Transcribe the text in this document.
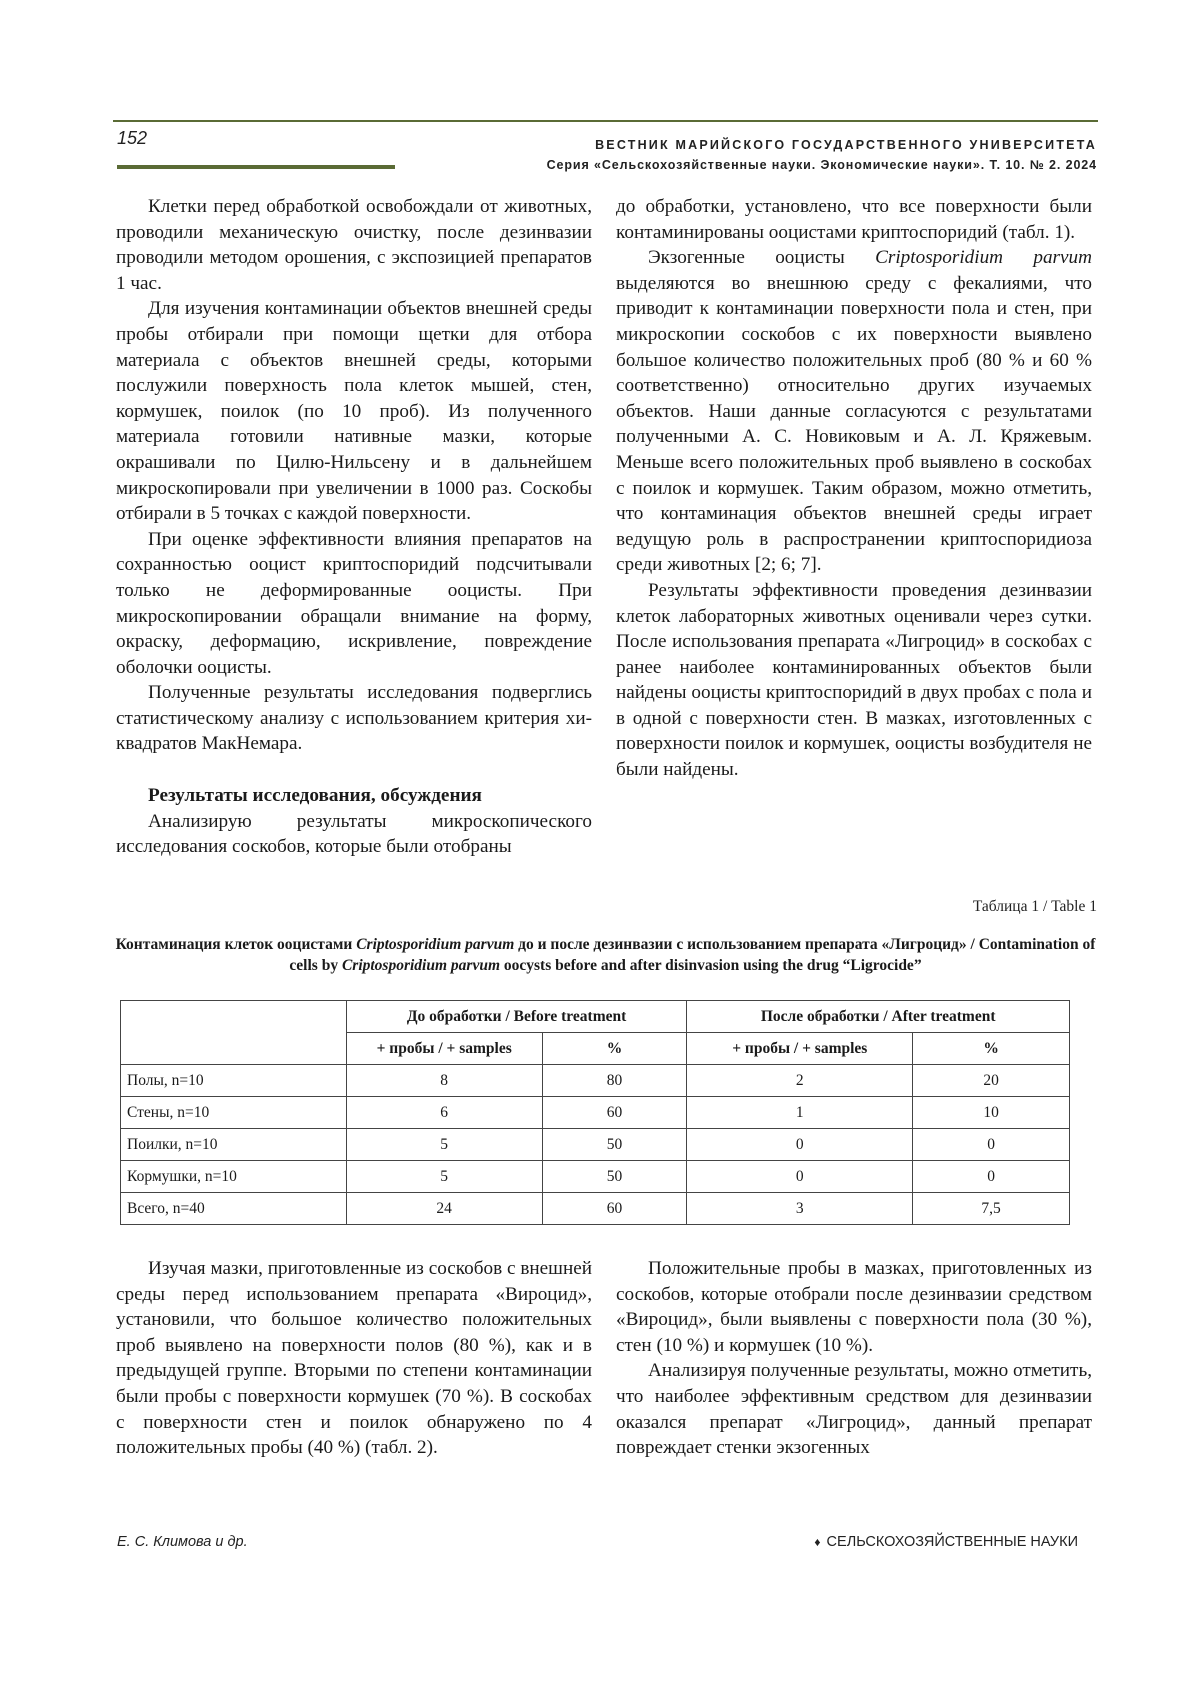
152	ВЕСТНИК МАРИЙСКОГО ГОСУДАРСТВЕННОГО УНИВЕРСИТЕТА
Серия «Сельскохозяйственные науки. Экономические науки». Т. 10. № 2. 2024

Клетки перед обработкой освобождали от животных, проводили механическую очистку, после дезинвазии проводили методом орошения, с экспозицией препаратов 1 час.

Для изучения контаминации объектов внешней среды пробы отбирали при помощи щетки для отбора материала с объектов внешней среды, которыми послужили поверхность пола клеток мышей, стен, кормушек, поилок (по 10 проб). Из полученного материала готовили нативные мазки, которые окрашивали по Цилю-Нильсену и в дальнейшем микроскопировали при увеличении в 1000 раз. Соскобы отбирали в 5 точках с каждой поверхности.

При оценке эффективности влияния препаратов на сохранностью ооцист криптоспоридий подсчитывали только не деформированные ооцисты. При микроскопировании обращали внимание на форму, окраску, деформацию, искривление, повреждение оболочки ооцисты.

Полученные результаты исследования подверглись статистическому анализу с использованием критерия хи-квадратов МакНемара.

Результаты исследования, обсуждения

Анализирую результаты микроскопического исследования соскобов, которые были отобраны

до обработки, установлено, что все поверхности были контаминированы ооцистами криптоспоридий (табл. 1).

Экзогенные ооцисты Criptosporidium parvum выделяются во внешнюю среду с фекалиями, что приводит к контаминации поверхности пола и стен, при микроскопии соскобов с их поверхности выявлено большое количество положительных проб (80 % и 60 % соответственно) относительно других изучаемых объектов. Наши данные согласуются с результатами полученными А. С. Новиковым и А. Л. Кряжевым. Меньше всего положительных проб выявлено в соскобах с поилок и кормушек. Таким образом, можно отметить, что контаминация объектов внешней среды играет ведущую роль в распространении криптоспоридиоза среди животных [2; 6; 7].

Результаты эффективности проведения дезинвазии клеток лабораторных животных оценивали через сутки. После использования препарата «Лигроцид» в соскобах с ранее наиболее контаминированных объектов были найдены ооцисты криптоспоридий в двух пробах с пола и в одной с поверхности стен. В мазках, изготовленных с поверхности поилок и кормушек, ооцисты возбудителя не были найдены.

Таблица 1 / Table 1
Контаминация клеток ооцистами Criptosporidium parvum до и после дезинвазии с использованием препарата «Лигроцид» / Contamination of cells by Criptosporidium parvum oocysts before and after disinvasion using the drug “Ligrocide”
	До обработки / Before treatment		После обработки / After treatment	
	+ пробы / + samples	%	+ пробы / + samples	%
Полы, n=10	8	80	2	20
Стены, n=10	6	60	1	10
Поилки, n=10	5	50	0	0
Кормушки, n=10	5	50	0	0
Всего, n=40	24	60	3	7,5

Изучая мазки, приготовленные из соскобов с внешней среды перед использованием препарата «Вироцид», установили, что большое количество положительных проб выявлено на поверхности полов (80 %), как и в предыдущей группе. Вторыми по степени контаминации были пробы с поверхности кормушек (70 %). В соскобах с поверхности стен и поилок обнаружено по 4 положительных пробы (40 %) (табл. 2).

Положительные пробы в мазках, приготовленных из соскобов, которые отобрали после дезинвазии средством «Вироцид», были выявлены с поверхности пола (30 %), стен (10 %) и кормушек (10 %).

Анализируя полученные результаты, можно отметить, что наиболее эффективным средством для дезинвазии оказался препарат «Лигроцид», данный препарат повреждает стенки экзогенных

Е. С. Климова и др.	♦ СЕЛЬСКОХОЗЯЙСТВЕННЫЕ НАУКИ
